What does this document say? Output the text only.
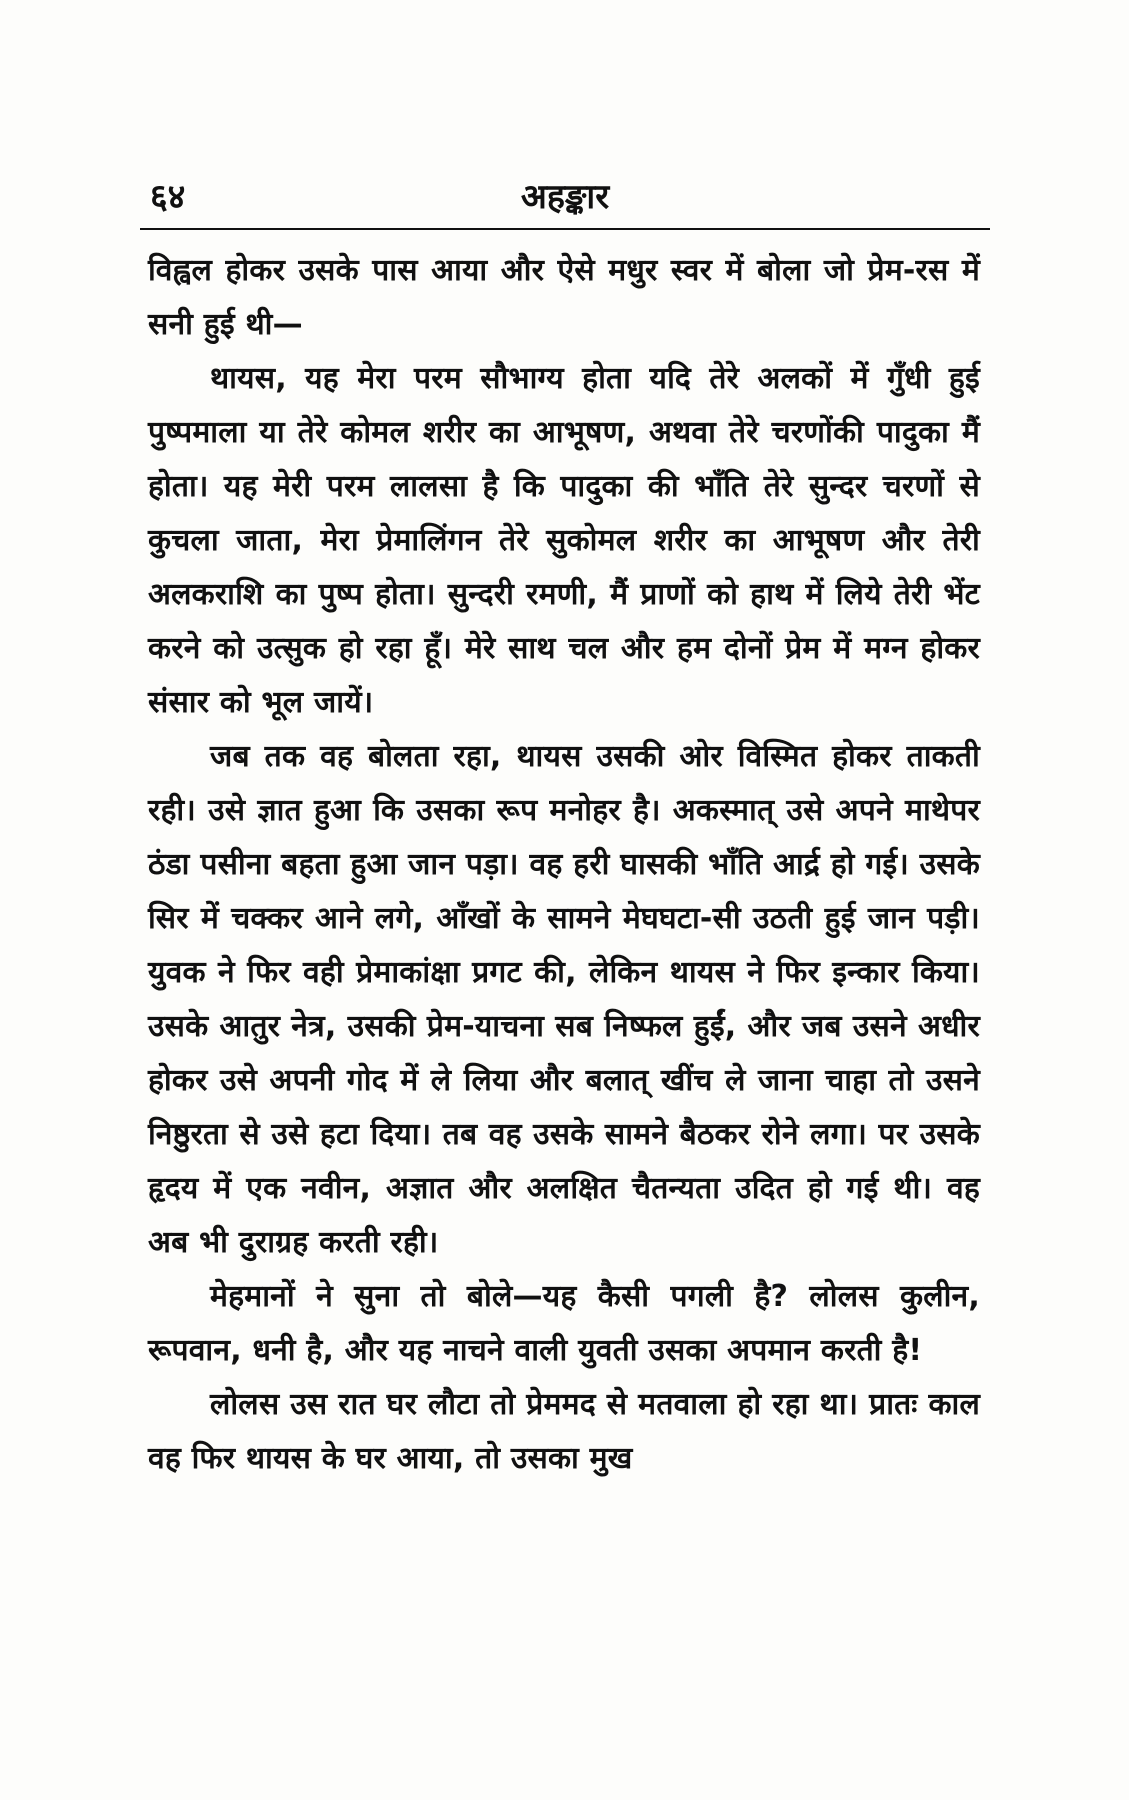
६४	अहङ्कार

विह्वल होकर उसके पास आया और ऐसे मधुर स्वर में बोला जो प्रेम-रस में सनी हुई थी—

थायस, यह मेरा परम सौभाग्य होता यदि तेरे अलकों में गुँधी हुई पुष्पमाला या तेरे कोमल शरीर का आभूषण, अथवा तेरे चरणोंकी पादुका मैं होता। यह मेरी परम लालसा है कि पादुका की भाँति तेरे सुन्दर चरणों से कुचला जाता, मेरा प्रेमालिंगन तेरे सुकोमल शरीर का आभूषण और तेरी अलकराशि का पुष्प होता। सुन्दरी रमणी, मैं प्राणों को हाथ में लिये तेरी भेंट करने को उत्सुक हो रहा हूँ। मेरे साथ चल और हम दोनों प्रेम में मग्न होकर संसार को भूल जायें।

जब तक वह बोलता रहा, थायस उसकी ओर विस्मित होकर ताकती रही। उसे ज्ञात हुआ कि उसका रूप मनोहर है। अकस्मात् उसे अपने माथेपर ठंडा पसीना बहता हुआ जान पड़ा। वह हरी घासकी भाँति आर्द्र हो गई। उसके सिर में चक्कर आने लगे, आँखों के सामने मेघघटा-सी उठती हुई जान पड़ी। युवक ने फिर वही प्रेमाकांक्षा प्रगट की, लेकिन थायस ने फिर इन्कार किया। उसके आतुर नेत्र, उसकी प्रेम-याचना सब निष्फल हुईं, और जब उसने अधीर होकर उसे अपनी गोद में ले लिया और बलात् खींच ले जाना चाहा तो उसने निष्ठुरता से उसे हटा दिया। तब वह उसके सामने बैठकर रोने लगा। पर उसके हृदय में एक नवीन, अज्ञात और अलक्षित चैतन्यता उदित हो गई थी। वह अब भी दुराग्रह करती रही।

मेहमानों ने सुना तो बोले—यह कैसी पगली है? लोलस कुलीन, रूपवान, धनी है, और यह नाचने वाली युवती उसका अपमान करती है!

लोलस उस रात घर लौटा तो प्रेममद से मतवाला हो रहा था। प्रातः काल वह फिर थायस के घर आया, तो उसका मुख
